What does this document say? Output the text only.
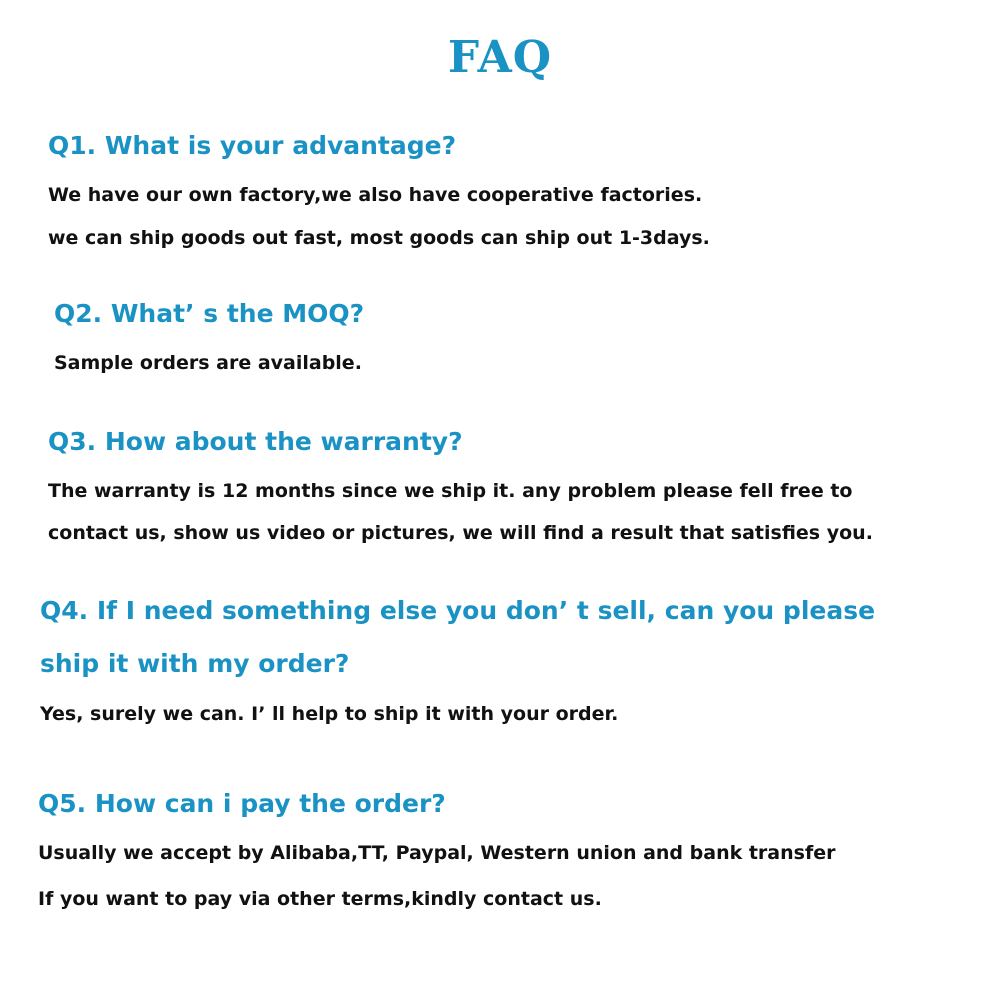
FAQ
Q1. What is your advantage?
We have our own factory,we also have cooperative factories.
we can ship goods out fast, most goods can ship out 1-3days.
Q2. What’ s the MOQ?
Sample orders are available.
Q3. How about the warranty?
The warranty is 12 months since we ship it. any problem please fell free to
contact us, show us video or pictures, we will find a result that satisfies you.
Q4. If I need something else you don’ t sell, can you please
ship it with my order?
Yes, surely we can. I’ ll help to ship it with your order.
Q5. How can i pay the order?
Usually we accept by Alibaba,TT, Paypal, Western union and bank transfer
If you want to pay via other terms,kindly contact us.
